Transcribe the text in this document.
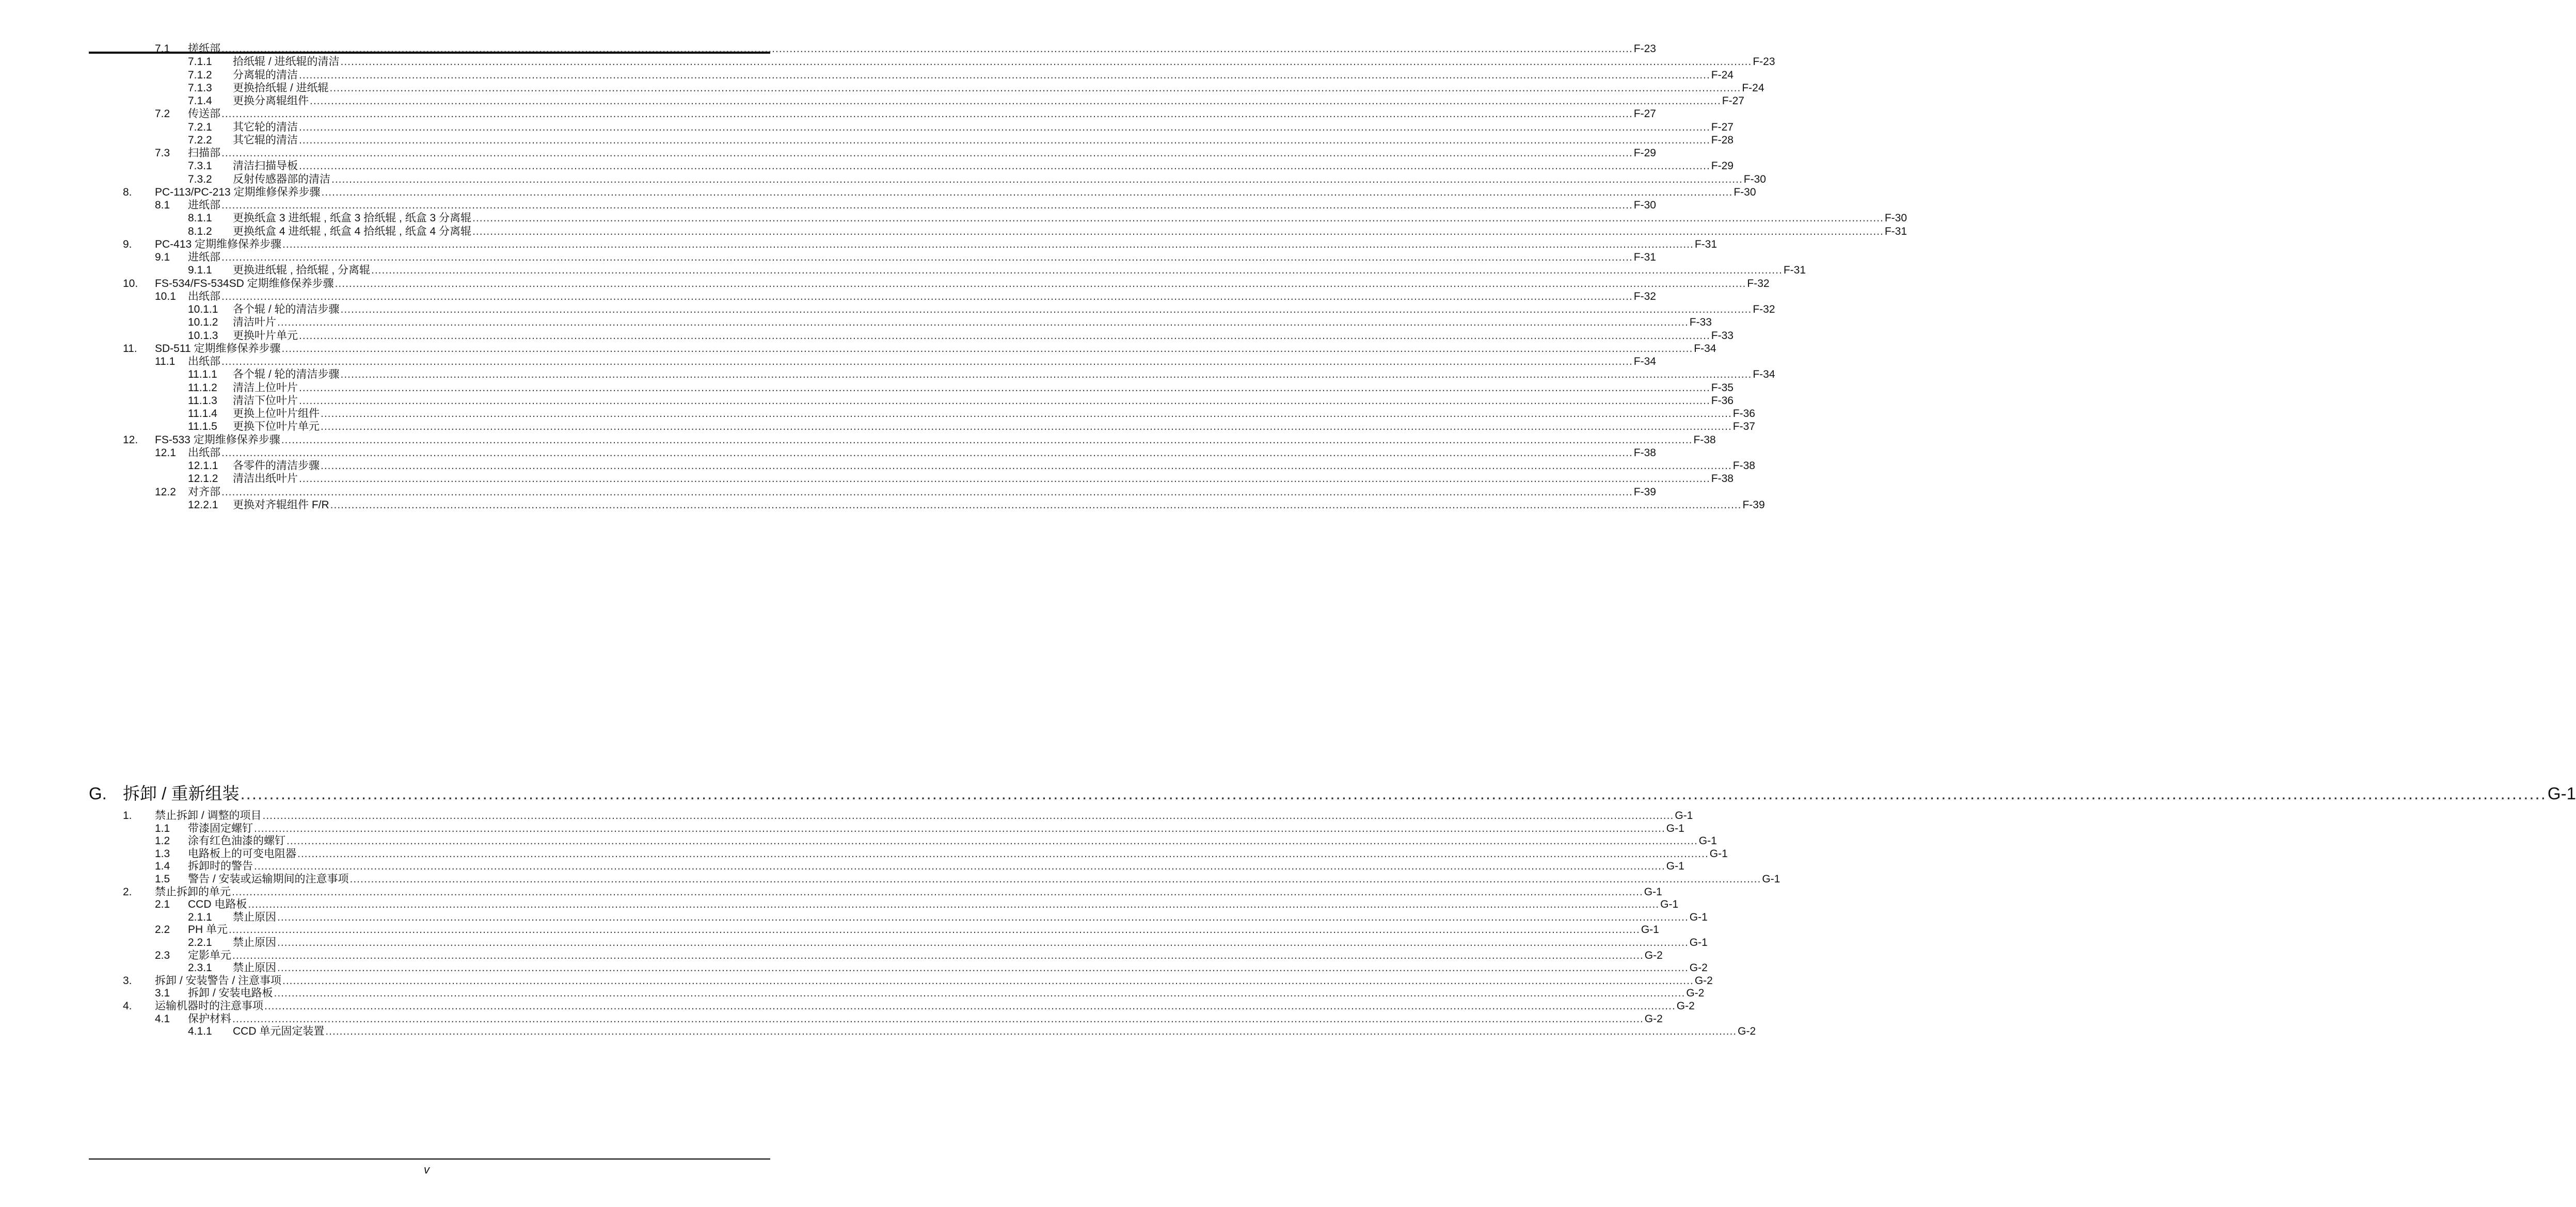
7.1 搓纸部 ................................................................................................................................................................................................................................................................................................................................................................................................................ F-23
7.1.1 拾纸辊 / 进纸辊的清洁 ................................................................................................................................................................................................................................................................................................................................................................................................................ F-23
7.1.2 分离辊的清洁 ................................................................................................................................................................................................................................................................................................................................................................................................................ F-24
7.1.3 更换拾纸辊 / 进纸辊 ................................................................................................................................................................................................................................................................................................................................................................................................................ F-24
7.1.4 更换分离辊组件 ................................................................................................................................................................................................................................................................................................................................................................................................................ F-27
7.2 传送部 ................................................................................................................................................................................................................................................................................................................................................................................................................ F-27
7.2.1 其它轮的清洁 ................................................................................................................................................................................................................................................................................................................................................................................................................ F-27
7.2.2 其它辊的清洁 ................................................................................................................................................................................................................................................................................................................................................................................................................ F-28
7.3 扫描部 ................................................................................................................................................................................................................................................................................................................................................................................................................ F-29
7.3.1 清洁扫描导板 ................................................................................................................................................................................................................................................................................................................................................................................................................ F-29
7.3.2 反射传感器部的清洁 ................................................................................................................................................................................................................................................................................................................................................................................................................ F-30
8. PC-113/PC-213 定期维修保养步骤 ................................................................................................................................................................................................................................................................................................................................................................................................................ F-30
8.1 进纸部 ................................................................................................................................................................................................................................................................................................................................................................................................................ F-30
8.1.1 更换纸盒 3 进纸辊 , 纸盒 3 拾纸辊 , 纸盒 3 分离辊 ................................................................................................................................................................................................................................................................................................................................................................................................................ F-30
8.1.2 更换纸盒 4 进纸辊 , 纸盒 4 拾纸辊 , 纸盒 4 分离辊 ................................................................................................................................................................................................................................................................................................................................................................................................................ F-31
9. PC-413 定期维修保养步骤 ................................................................................................................................................................................................................................................................................................................................................................................................................ F-31
9.1 进纸部 ................................................................................................................................................................................................................................................................................................................................................................................................................ F-31
9.1.1 更换进纸辊 , 拾纸辊 , 分离辊 ................................................................................................................................................................................................................................................................................................................................................................................................................ F-31
10. FS-534/FS-534SD 定期维修保养步骤 ................................................................................................................................................................................................................................................................................................................................................................................................................ F-32
10.1 出纸部 ................................................................................................................................................................................................................................................................................................................................................................................................................ F-32
10.1.1 各个辊 / 轮的清洁步骤 ................................................................................................................................................................................................................................................................................................................................................................................................................ F-32
10.1.2 清洁叶片 ................................................................................................................................................................................................................................................................................................................................................................................................................ F-33
10.1.3 更换叶片单元 ................................................................................................................................................................................................................................................................................................................................................................................................................ F-33
11. SD-511 定期维修保养步骤 ................................................................................................................................................................................................................................................................................................................................................................................................................ F-34
11.1 出纸部 ................................................................................................................................................................................................................................................................................................................................................................................................................ F-34
11.1.1 各个辊 / 轮的清洁步骤 ................................................................................................................................................................................................................................................................................................................................................................................................................ F-34
11.1.2 清洁上位叶片 ................................................................................................................................................................................................................................................................................................................................................................................................................ F-35
11.1.3 清洁下位叶片 ................................................................................................................................................................................................................................................................................................................................................................................................................ F-36
11.1.4 更换上位叶片组件 ................................................................................................................................................................................................................................................................................................................................................................................................................ F-36
11.1.5 更换下位叶片单元 ................................................................................................................................................................................................................................................................................................................................................................................................................ F-37
12. FS-533 定期维修保养步骤 ................................................................................................................................................................................................................................................................................................................................................................................................................ F-38
12.1 出纸部 ................................................................................................................................................................................................................................................................................................................................................................................................................ F-38
12.1.1 各零件的清洁步骤 ................................................................................................................................................................................................................................................................................................................................................................................................................ F-38
12.1.2 清洁出纸叶片 ................................................................................................................................................................................................................................................................................................................................................................................................................ F-38
12.2 对齐部 ................................................................................................................................................................................................................................................................................................................................................................................................................ F-39
12.2.1 更换对齐辊组件 F/R ................................................................................................................................................................................................................................................................................................................................................................................................................ F-39
G. 拆卸 / 重新组装 ................................................................................................................................................................................................................................................................................................................................................................................................................ G-1
1. 禁止拆卸 / 调整的项目 ................................................................................................................................................................................................................................................................................................................................................................................................................ G-1
1.1 带漆固定螺钉 ................................................................................................................................................................................................................................................................................................................................................................................................................ G-1
1.2 涂有红色油漆的螺钉 ................................................................................................................................................................................................................................................................................................................................................................................................................ G-1
1.3 电路板上的可变电阻器 ................................................................................................................................................................................................................................................................................................................................................................................................................ G-1
1.4 拆卸时的警告 ................................................................................................................................................................................................................................................................................................................................................................................................................ G-1
1.5 警告 / 安装或运输期间的注意事项 ................................................................................................................................................................................................................................................................................................................................................................................................................ G-1
2. 禁止拆卸的单元 ................................................................................................................................................................................................................................................................................................................................................................................................................ G-1
2.1 CCD 电路板 ................................................................................................................................................................................................................................................................................................................................................................................................................ G-1
2.1.1 禁止原因 ................................................................................................................................................................................................................................................................................................................................................................................................................ G-1
2.2 PH 单元 ................................................................................................................................................................................................................................................................................................................................................................................................................ G-1
2.2.1 禁止原因 ................................................................................................................................................................................................................................................................................................................................................................................................................ G-1
2.3 定影单元 ................................................................................................................................................................................................................................................................................................................................................................................................................ G-2
2.3.1 禁止原因 ................................................................................................................................................................................................................................................................................................................................................................................................................ G-2
3. 拆卸 / 安装警告 / 注意事项 ................................................................................................................................................................................................................................................................................................................................................................................................................ G-2
3.1 拆卸 / 安装电路板 ................................................................................................................................................................................................................................................................................................................................................................................................................ G-2
4. 运输机器时的注意事项 ................................................................................................................................................................................................................................................................................................................................................................................................................ G-2
4.1 保护材料 ................................................................................................................................................................................................................................................................................................................................................................................................................ G-2
4.1.1 CCD 单元固定装置 ................................................................................................................................................................................................................................................................................................................................................................................................................ G-2
v
